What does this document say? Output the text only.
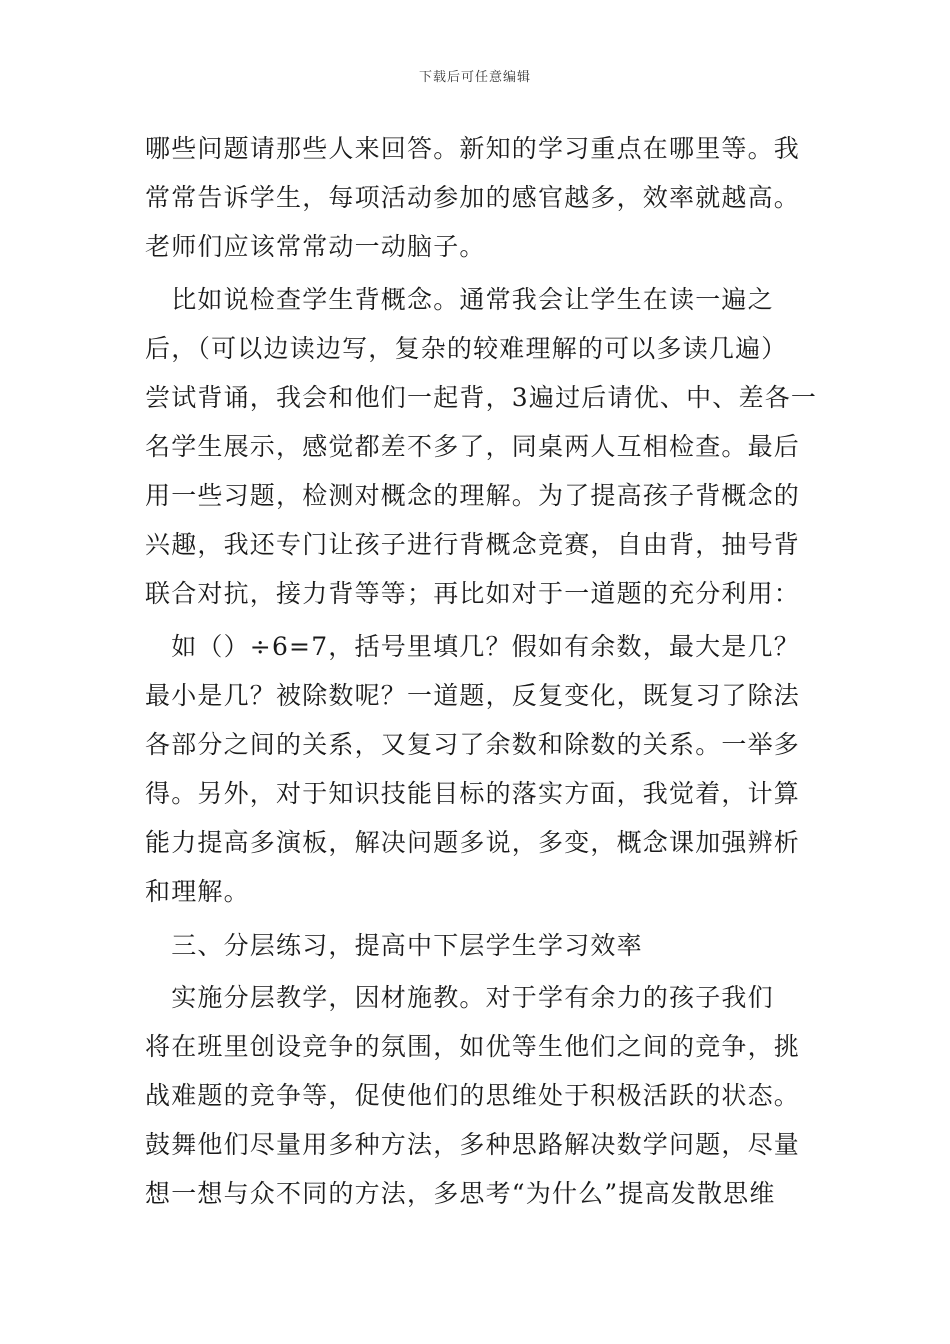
下载后可任意编辑
哪些问题请那些人来回答。新知的学习重点在哪里等。我
常常告诉学生，每项活动参加的感官越多，效率就越高。
老师们应该常常动一动脑子。
　比如说检查学生背概念。通常我会让学生在读一遍之
后，（可以边读边写，复杂的较难理解的可以多读几遍）
尝试背诵，我会和他们一起背，3遍过后请优、中、差各一
名学生展示，感觉都差不多了，同桌两人互相检查。最后
用一些习题，检测对概念的理解。为了提高孩子背概念的
兴趣，我还专门让孩子进行背概念竞赛，自由背，抽号背
联合对抗，接力背等等；再比如对于一道题的充分利用：
　如（）÷6=7，括号里填几？假如有余数，最大是几？
最小是几？被除数呢？一道题，反复变化，既复习了除法
各部分之间的关系，又复习了余数和除数的关系。一举多
得。另外，对于知识技能目标的落实方面，我觉着，计算
能力提高多演板，解决问题多说，多变，概念课加强辨析
和理解。
　三、分层练习，提高中下层学生学习效率
　实施分层教学，因材施教。对于学有余力的孩子我们
将在班里创设竞争的氛围，如优等生他们之间的竞争，挑
战难题的竞争等，促使他们的思维处于积极活跃的状态。
鼓舞他们尽量用多种方法，多种思路解决数学问题，尽量
想一想与众不同的方法，多思考“为什么”提高发散思维
